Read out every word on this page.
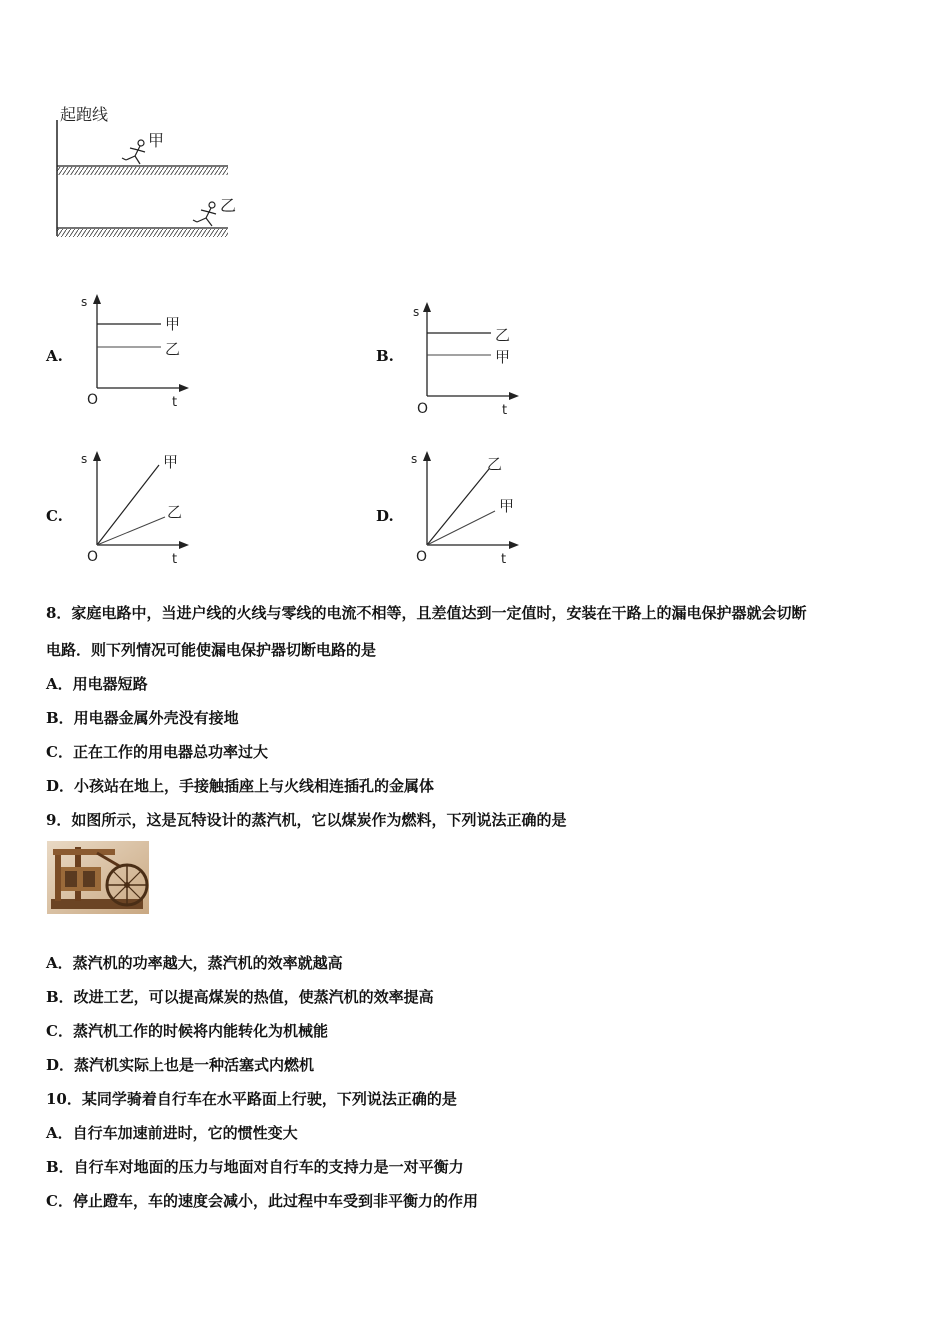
起跑线
甲
乙
A.
s
t
O
甲
乙	B.
s
t
O
乙
甲
C.
s
t
O
甲
乙	D.
s
t
O
乙
甲
8．家庭电路中，当进户线的火线与零线的电流不相等，且差值达到一定值时，安装在干路上的漏电保护器就会切断
电路．则下列情况可能使漏电保护器切断电路的是
A．用电器短路
B．用电器金属外壳没有接地
C．正在工作的用电器总功率过大
D．小孩站在地上，手接触插座上与火线相连插孔的金属体
9．如图所示，这是瓦特设计的蒸汽机，它以煤炭作为燃料，下列说法正确的是
A．蒸汽机的功率越大，蒸汽机的效率就越高
B．改进工艺，可以提高煤炭的热值，使蒸汽机的效率提高
C．蒸汽机工作的时候将内能转化为机械能
D．蒸汽机实际上也是一种活塞式内燃机
10．某同学骑着自行车在水平路面上行驶，下列说法正确的是
A．自行车加速前进时，它的惯性变大
B．自行车对地面的压力与地面对自行车的支持力是一对平衡力
C．停止蹬车，车的速度会减小，此过程中车受到非平衡力的作用
